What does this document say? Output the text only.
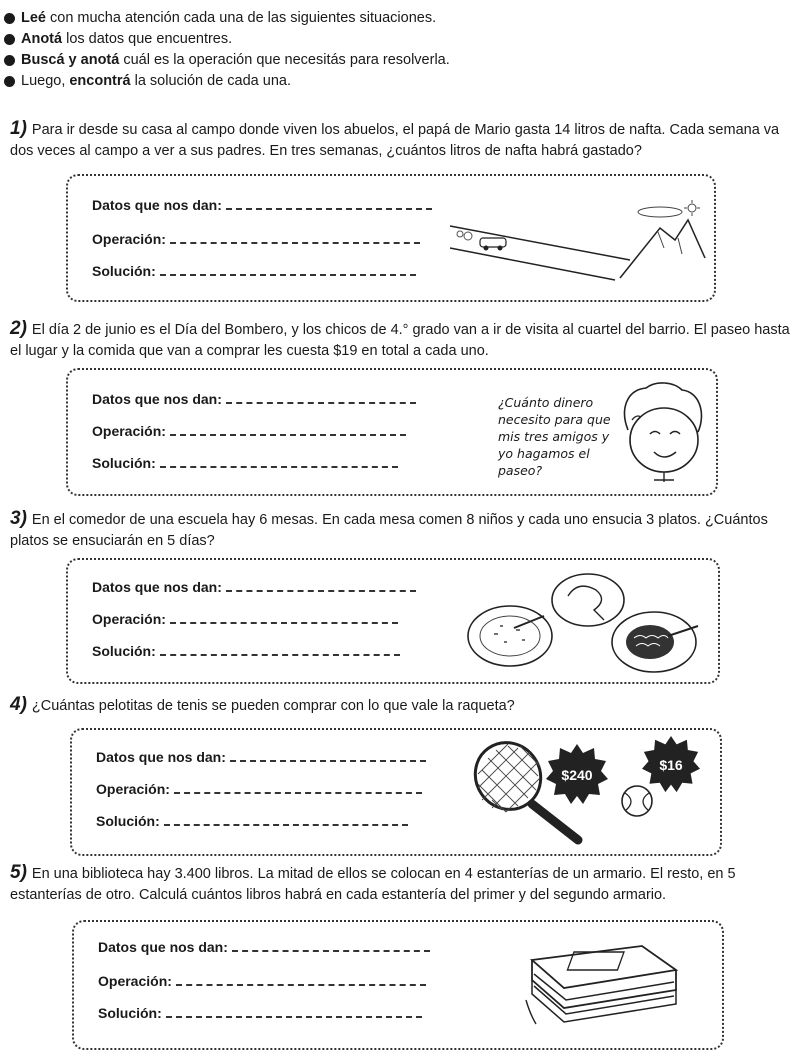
Leé con mucha atención cada una de las siguientes situaciones.
Anotá los datos que encuentres.
Buscá y anotá cuál es la operación que necesitás para resolverla.
Luego, encontrá la solución de cada una.
1) Para ir desde su casa al campo donde viven los abuelos, el papá de Mario gasta 14 litros de nafta. Cada semana va dos veces al campo a ver a sus padres. En tres semanas, ¿cuántos litros de nafta habrá gastado?
Datos que nos dan:
Operación:
Solución:
2) El día 2 de junio es el Día del Bombero, y los chicos de 4.° grado van a ir de visita al cuartel del barrio. El paseo hasta el lugar y la comida que van a comprar les cuesta $19 en total a cada uno.
Datos que nos dan:
Operación:
Solución:
¿Cuánto dinero necesito para que mis tres amigos y yo hagamos el paseo?
3) En el comedor de una escuela hay 6 mesas. En cada mesa comen 8 niños y cada uno ensucia 3 platos. ¿Cuántos platos se ensuciarán en 5 días?
Datos que nos dan:
Operación:
Solución:
4) ¿Cuántas pelotitas de tenis se pueden comprar con lo que vale la raqueta?
Datos que nos dan:
Operación:
Solución:
$240
$16
5) En una biblioteca hay 3.400 libros. La mitad de ellos se colocan en 4 estanterías de un armario. El resto, en 5 estanterías de otro. Calculá cuántos libros habrá en cada estantería del primer y del segundo armario.
Datos que nos dan:
Operación:
Solución:
